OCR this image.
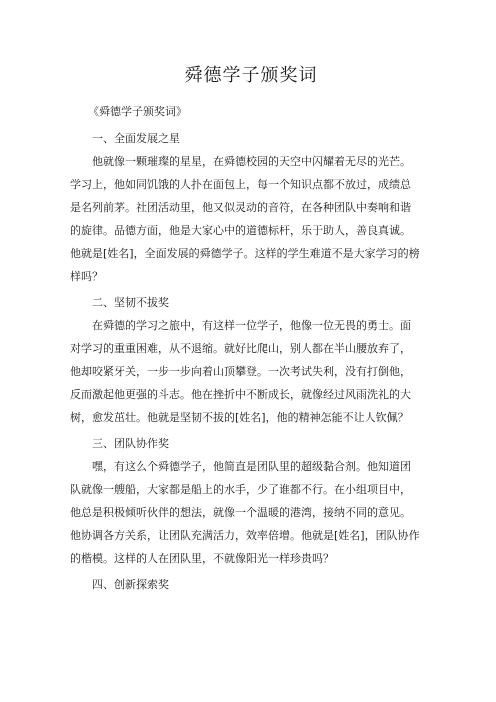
舜德学子颁奖词

《舜德学子颁奖词》

一、全面发展之星

他就像一颗璀璨的星星，在舜德校园的天空中闪耀着无尽的光芒。

学习上，他如同饥饿的人扑在面包上，每一个知识点都不放过，成绩总

是名列前茅。社团活动里，他又似灵动的音符，在各种团队中奏响和谐

的旋律。品德方面，他是大家心中的道德标杆，乐于助人，善良真诚。

他就是[姓名]，全面发展的舜德学子。这样的学生难道不是大家学习的榜

样吗？

二、坚韧不拔奖

在舜德的学习之旅中，有这样一位学子，他像一位无畏的勇士。面

对学习的重重困难，从不退缩。就好比爬山，别人都在半山腰放弃了，

他却咬紧牙关，一步一步向着山顶攀登。一次考试失利，没有打倒他，

反而激起他更强的斗志。他在挫折中不断成长，就像经过风雨洗礼的大

树，愈发茁壮。他就是坚韧不拔的[姓名]，他的精神怎能不让人钦佩？

三、团队协作奖

嘿，有这么个舜德学子，他简直是团队里的超级黏合剂。他知道团

队就像一艘船，大家都是船上的水手，少了谁都不行。在小组项目中，

他总是积极倾听伙伴的想法，就像一个温暖的港湾，接纳不同的意见。

他协调各方关系，让团队充满活力，效率倍增。他就是[姓名]，团队协作

的楷模。这样的人在团队里，不就像阳光一样珍贵吗？

四、创新探索奖
